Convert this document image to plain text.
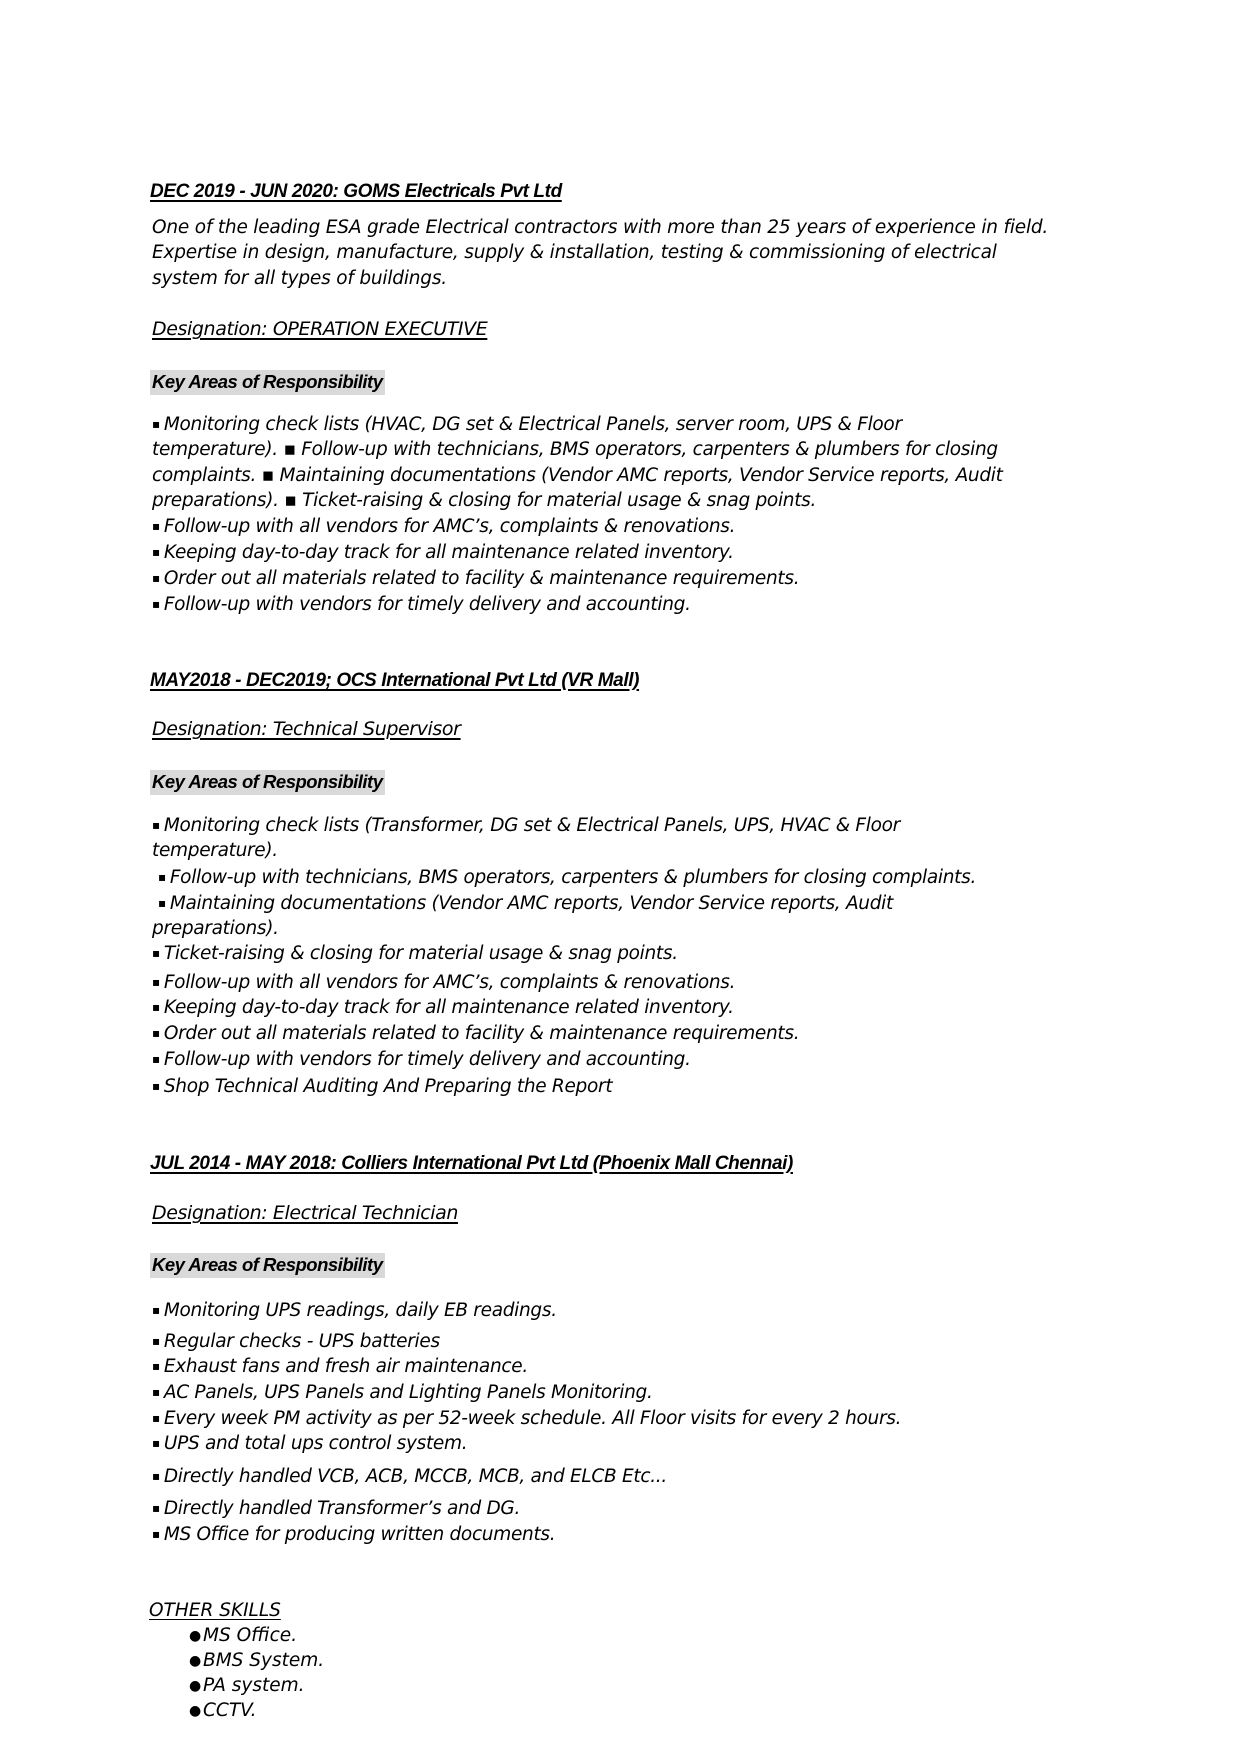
DEC 2019 - JUN 2020: GOMS Electricals Pvt Ltd
One of the leading ESA grade Electrical contractors with more than 25 years of experience in field.
Expertise in design, manufacture, supply & installation, testing & commissioning of electrical
system for all types of buildings.
Designation: OPERATION EXECUTIVE
Key Areas of Responsibility
▪ Monitoring check lists (HVAC, DG set & Electrical Panels, server room, UPS & Floor
temperature). ▪ Follow-up with technicians, BMS operators, carpenters & plumbers for closing
complaints. ▪ Maintaining documentations (Vendor AMC reports, Vendor Service reports, Audit
preparations). ▪ Ticket-raising & closing for material usage & snag points.
▪ Follow-up with all vendors for AMC’s, complaints & renovations.
▪ Keeping day-to-day track for all maintenance related inventory.
▪ Order out all materials related to facility & maintenance requirements.
▪ Follow-up with vendors for timely delivery and accounting.
MAY2018 - DEC2019; OCS International Pvt Ltd (VR Mall)
Designation: Technical Supervisor
Key Areas of Responsibility
▪ Monitoring check lists (Transformer, DG set & Electrical Panels, UPS, HVAC & Floor
temperature).
▪ Follow-up with technicians, BMS operators, carpenters & plumbers for closing complaints.
▪ Maintaining documentations (Vendor AMC reports, Vendor Service reports, Audit
preparations).
▪ Ticket-raising & closing for material usage & snag points.
▪ Follow-up with all vendors for AMC’s, complaints & renovations.
▪ Keeping day-to-day track for all maintenance related inventory.
▪ Order out all materials related to facility & maintenance requirements.
▪ Follow-up with vendors for timely delivery and accounting.
▪ Shop Technical Auditing And Preparing the Report
JUL 2014 - MAY 2018: Colliers International Pvt Ltd (Phoenix Mall Chennai)
Designation: Electrical Technician
Key Areas of Responsibility
▪ Monitoring UPS readings, daily EB readings.
▪ Regular checks - UPS batteries
▪ Exhaust fans and fresh air maintenance.
▪ AC Panels, UPS Panels and Lighting Panels Monitoring.
▪ Every week PM activity as per 52-week schedule. All Floor visits for every 2 hours.
▪ UPS and total ups control system.
▪ Directly handled VCB, ACB, MCCB, MCB, and ELCB Etc...
▪ Directly handled Transformer’s and DG.
▪ MS Office for producing written documents.
OTHER SKILLS
●MS Office.
●BMS System.
●PA system.
●CCTV.
